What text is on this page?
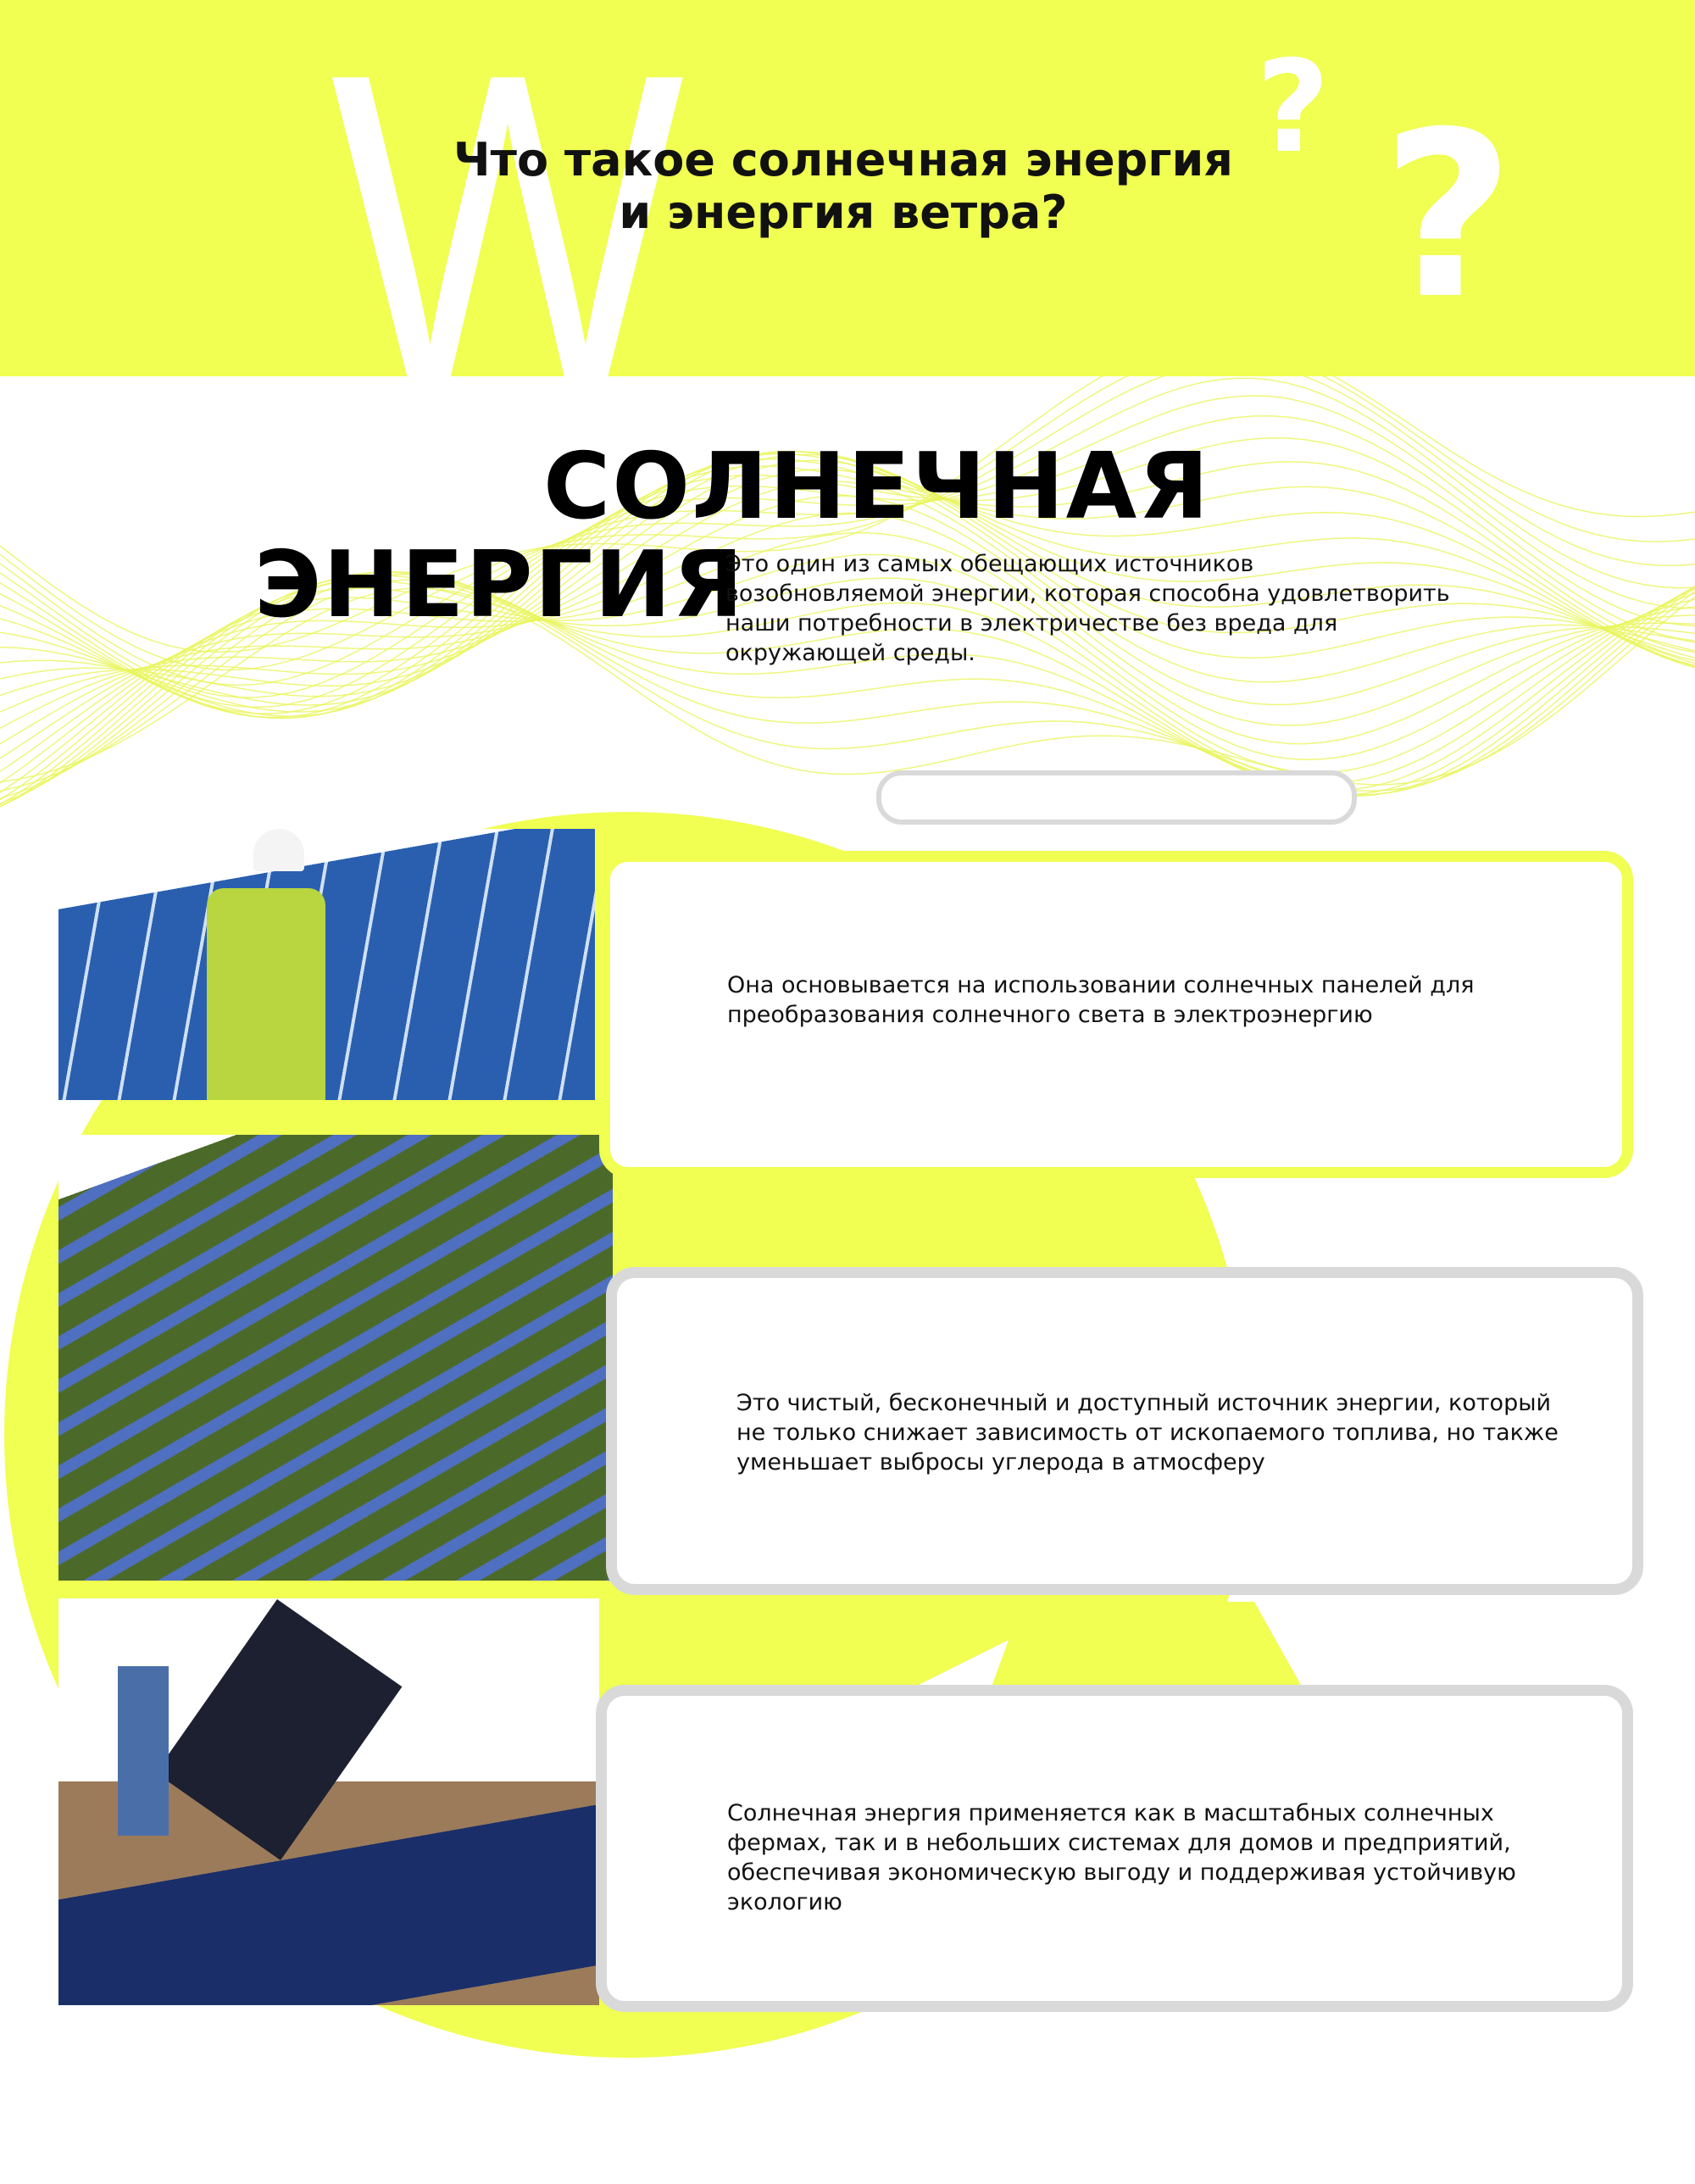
W
Что такое солнечная энергия
и энергия ветра?
? ?
СОЛНЕЧНАЯ
ЭНЕРГИЯ
Это один из самых обещающих источников возобновляемой энергии, которая способна удовлетворить наши потребности в электричестве без вреда для окружающей среды.
Она основывается на использовании солнечных панелей для преобразования солнечного света в электроэнергию
Это чистый, бесконечный и доступный источник энергии, который не только снижает зависимость от ископаемого топлива, но также уменьшает выбросы углерода в атмосферу
Солнечная энергия применяется как в масштабных солнечных фермах, так и в небольших системах для домов и предприятий, обеспечивая экономическую выгоду и поддерживая устойчивую экологию
